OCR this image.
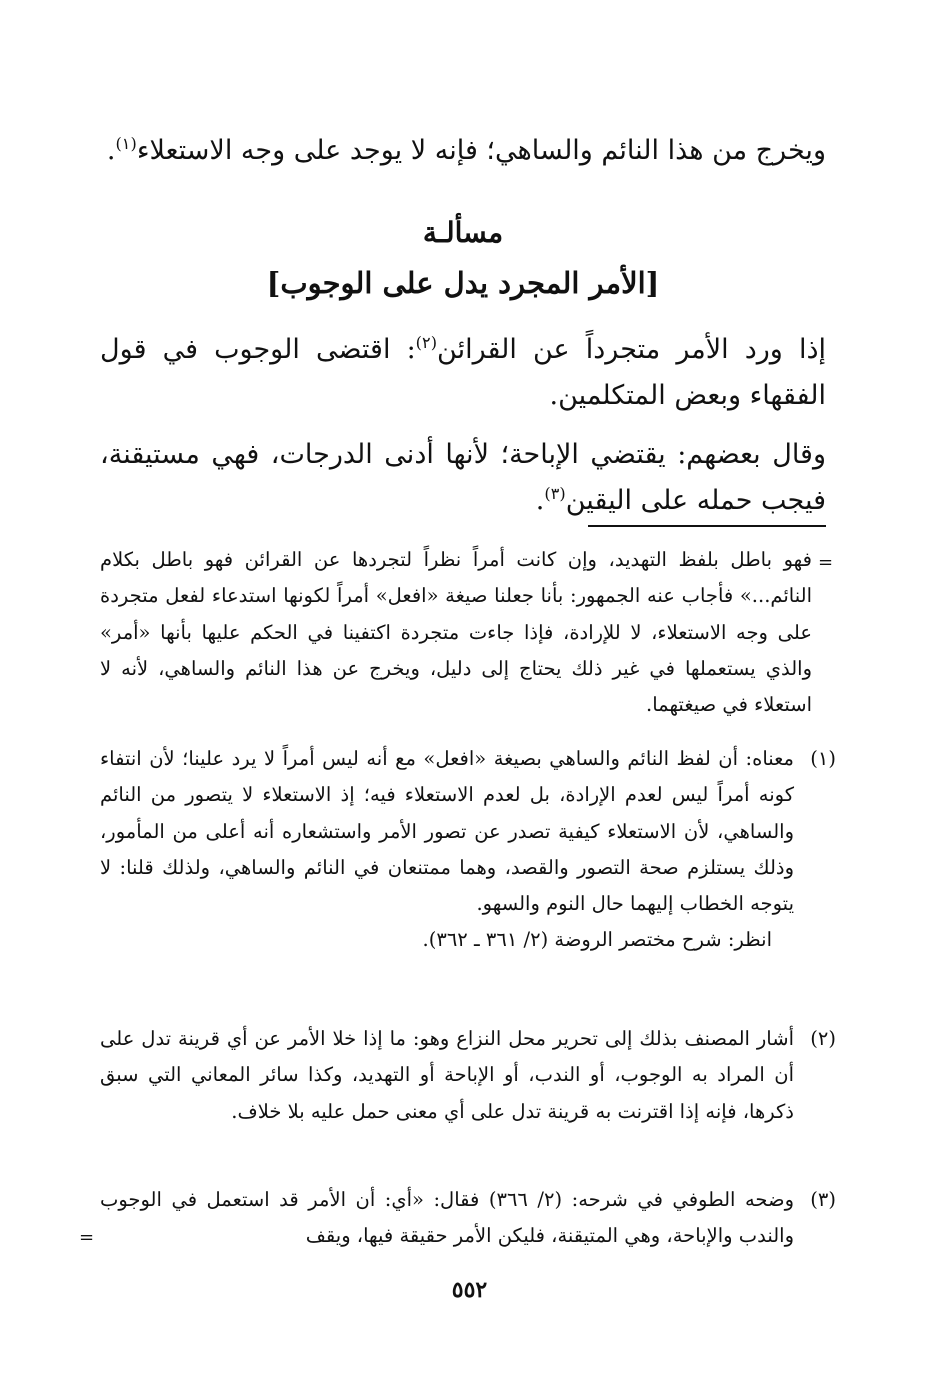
ويخرج من هذا النائم والساهي؛ فإنه لا يوجد على وجه الاستعلاء$^{(١)}$.
مسألـة
[الأمر المجرد يدل على الوجوب]
إذا ورد الأمر متجرداً عن القرائن$^{(٢)}$: اقتضى الوجوب في قول الفقهاء وبعض المتكلمين.
وقال بعضهم: يقتضي الإباحة؛ لأنها أدنى الدرجات، فهي مستيقنة، فيجب حمله على اليقين$^{(٣)}$.
=
فهو باطل بلفظ التهديد، وإن كانت أمراً نظراً لتجردها عن القرائن فهو باطل بكلام النائم...» فأجاب عنه الجمهور: بأنا جعلنا صيغة «افعل» أمراً لكونها استدعاء لفعل متجردة على وجه الاستعلاء، لا للإرادة، فإذا جاءت متجردة اكتفينا في الحكم عليها بأنها «أمر» والذي يستعملها في غير ذلك يحتاج إلى دليل، ويخرج عن هذا النائم والساهي، لأنه لا استعلاء في صيغتهما.
(١)
معناه: أن لفظ النائم والساهي بصيغة «افعل» مع أنه ليس أمراً لا يرد علينا؛ لأن انتفاء كونه أمراً ليس لعدم الإرادة، بل لعدم الاستعلاء فيه؛ إذ الاستعلاء لا يتصور من النائم والساهي، لأن الاستعلاء كيفية تصدر عن تصور الأمر واستشعاره أنه أعلى من المأمور، وذلك يستلزم صحة التصور والقصد، وهما ممتنعان في النائم والساهي، ولذلك قلنا: لا يتوجه الخطاب إليهما حال النوم والسهو.
انظر: شرح مختصر الروضة (٢/ ٣٦١ ـ ٣٦٢).
(٢)
أشار المصنف بذلك إلى تحرير محل النزاع وهو: ما إذا خلا الأمر عن أي قرينة تدل على أن المراد به الوجوب، أو الندب، أو الإباحة أو التهديد، وكذا سائر المعاني التي سبق ذكرها، فإنه إذا اقترنت به قرينة تدل على أي معنى حمل عليه بلا خلاف.
(٣)
وضحه الطوفي في شرحه: (٢/ ٣٦٦) فقال: «أي: أن الأمر قد استعمل في الوجوب والندب والإباحة، وهي المتيقنة، فليكن الأمر حقيقة فيها، ويقف
=
٥٥٢
